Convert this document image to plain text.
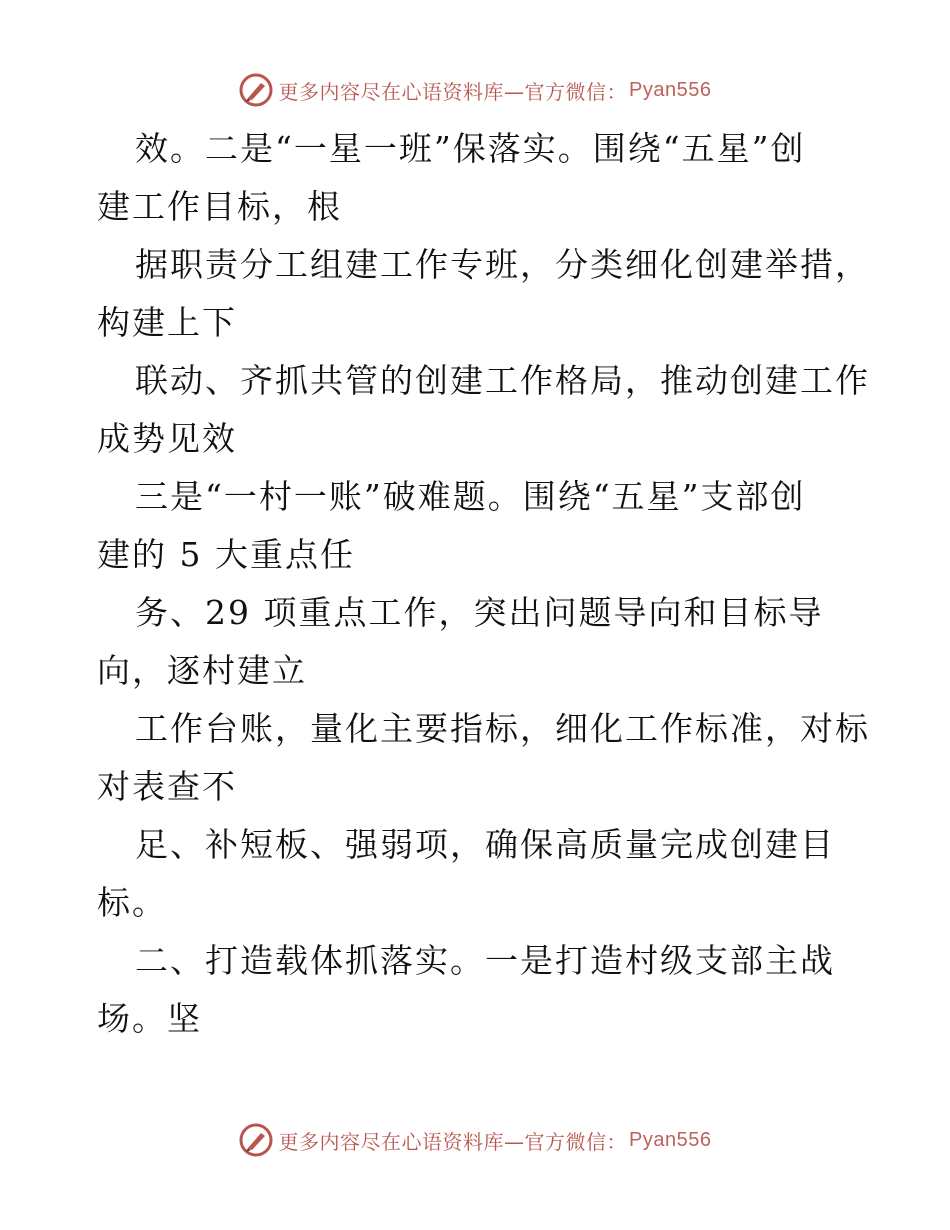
更多内容尽在心语资料库—官方微信： Pyan556
效。二是“一星一班”保落实。围绕“五星”创
建工作目标，根
据职责分工组建工作专班，分类细化创建举措，
构建上下
联动、齐抓共管的创建工作格局，推动创建工作
成势见效
三是“一村一账”破难题。围绕“五星”支部创
建的 5 大重点任
务、29 项重点工作，突出问题导向和目标导
向，逐村建立
工作台账，量化主要指标，细化工作标准，对标
对表查不
足、补短板、强弱项，确保高质量完成创建目
标。
二、打造载体抓落实。一是打造村级支部主战
场。坚
更多内容尽在心语资料库—官方微信： Pyan556
